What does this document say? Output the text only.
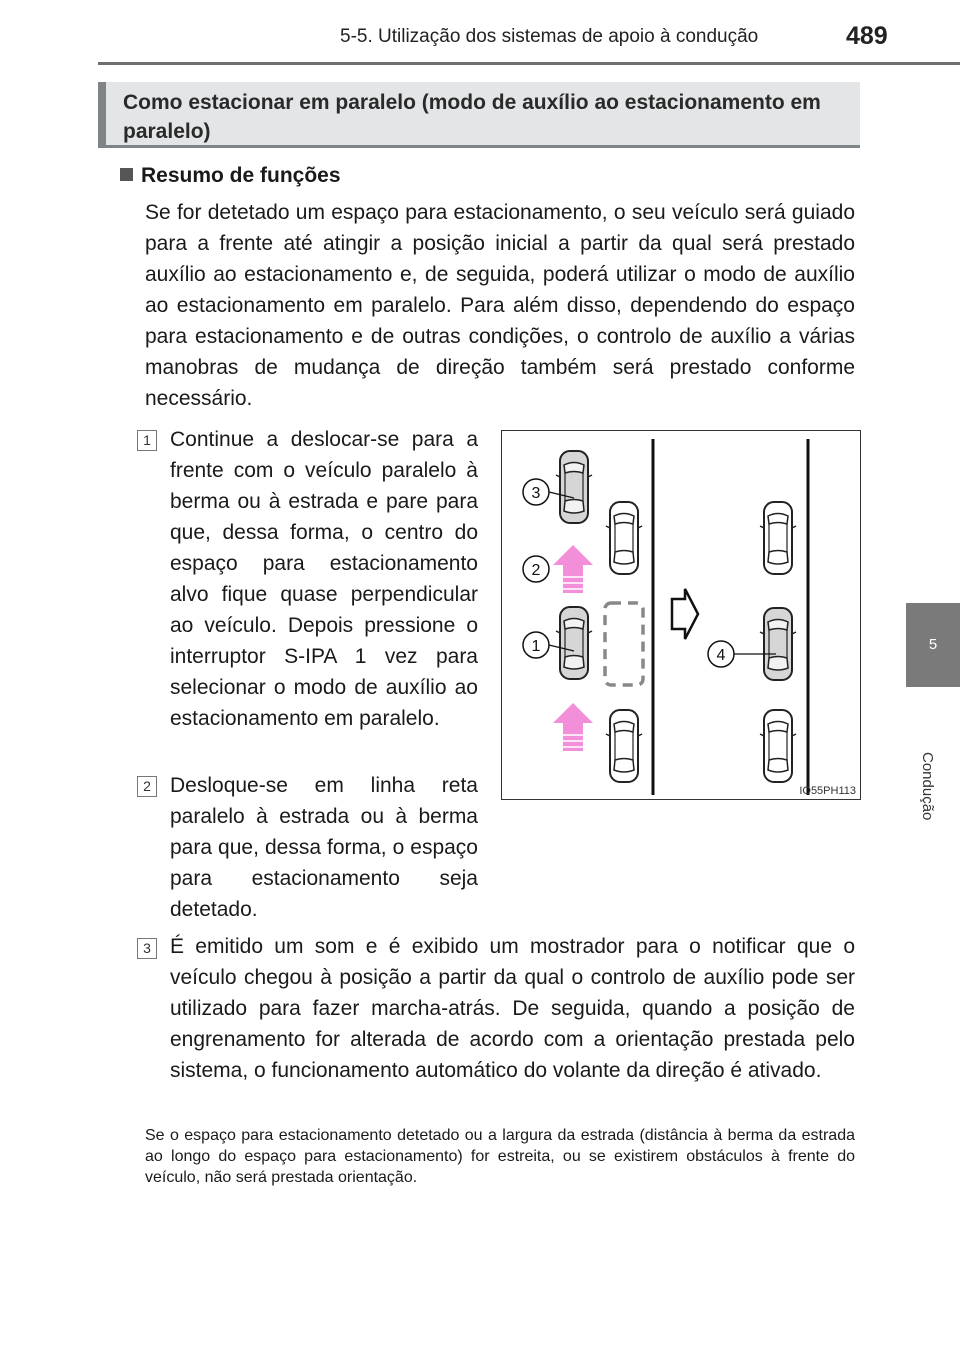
5-5. Utilização dos sistemas de apoio à condução	489
5
Condução
Como estacionar em paralelo (modo de auxílio ao estacionamento em paralelo)
Resumo de funções
Se for detetado um espaço para estacionamento, o seu veículo será guiado para a frente até atingir a posição inicial a partir da qual será prestado auxílio ao estacionamento e, de seguida, poderá utilizar o modo de auxílio ao estacionamento em paralelo. Para além disso, dependendo do espaço para estacionamento e de outras condições, o controlo de auxílio a várias manobras de mudança de direção também será prestado conforme necessário.
1 Continue a deslocar-se para a frente com o veículo paralelo à berma ou à estrada e pare para que, dessa forma, o centro do espaço para estacionamento alvo fique quase perpendicular ao veículo. Depois pressione o interruptor S-IPA 1 vez para selecionar o modo de auxílio ao estacionamento em paralelo.
2 Desloque-se em linha reta paralelo à estrada ou à berma para que, dessa forma, o espaço para estacionamento seja detetado.
3 É emitido um som e é exibido um mostrador para o notificar que o veículo chegou à posição a partir da qual o controlo de auxílio pode ser utilizado para fazer marcha-atrás. De seguida, quando a posição de engrenamento for alterada de acordo com a orientação prestada pelo sistema, o funcionamento automático do volante da direção é ativado.
Se o espaço para estacionamento detetado ou a largura da estrada (distância à berma da estrada ao longo do espaço para estacionamento) for estreita, ou se existirem obstáculos à frente do veículo, não será prestada orientação.
3
2
1
4
IO55PH113
